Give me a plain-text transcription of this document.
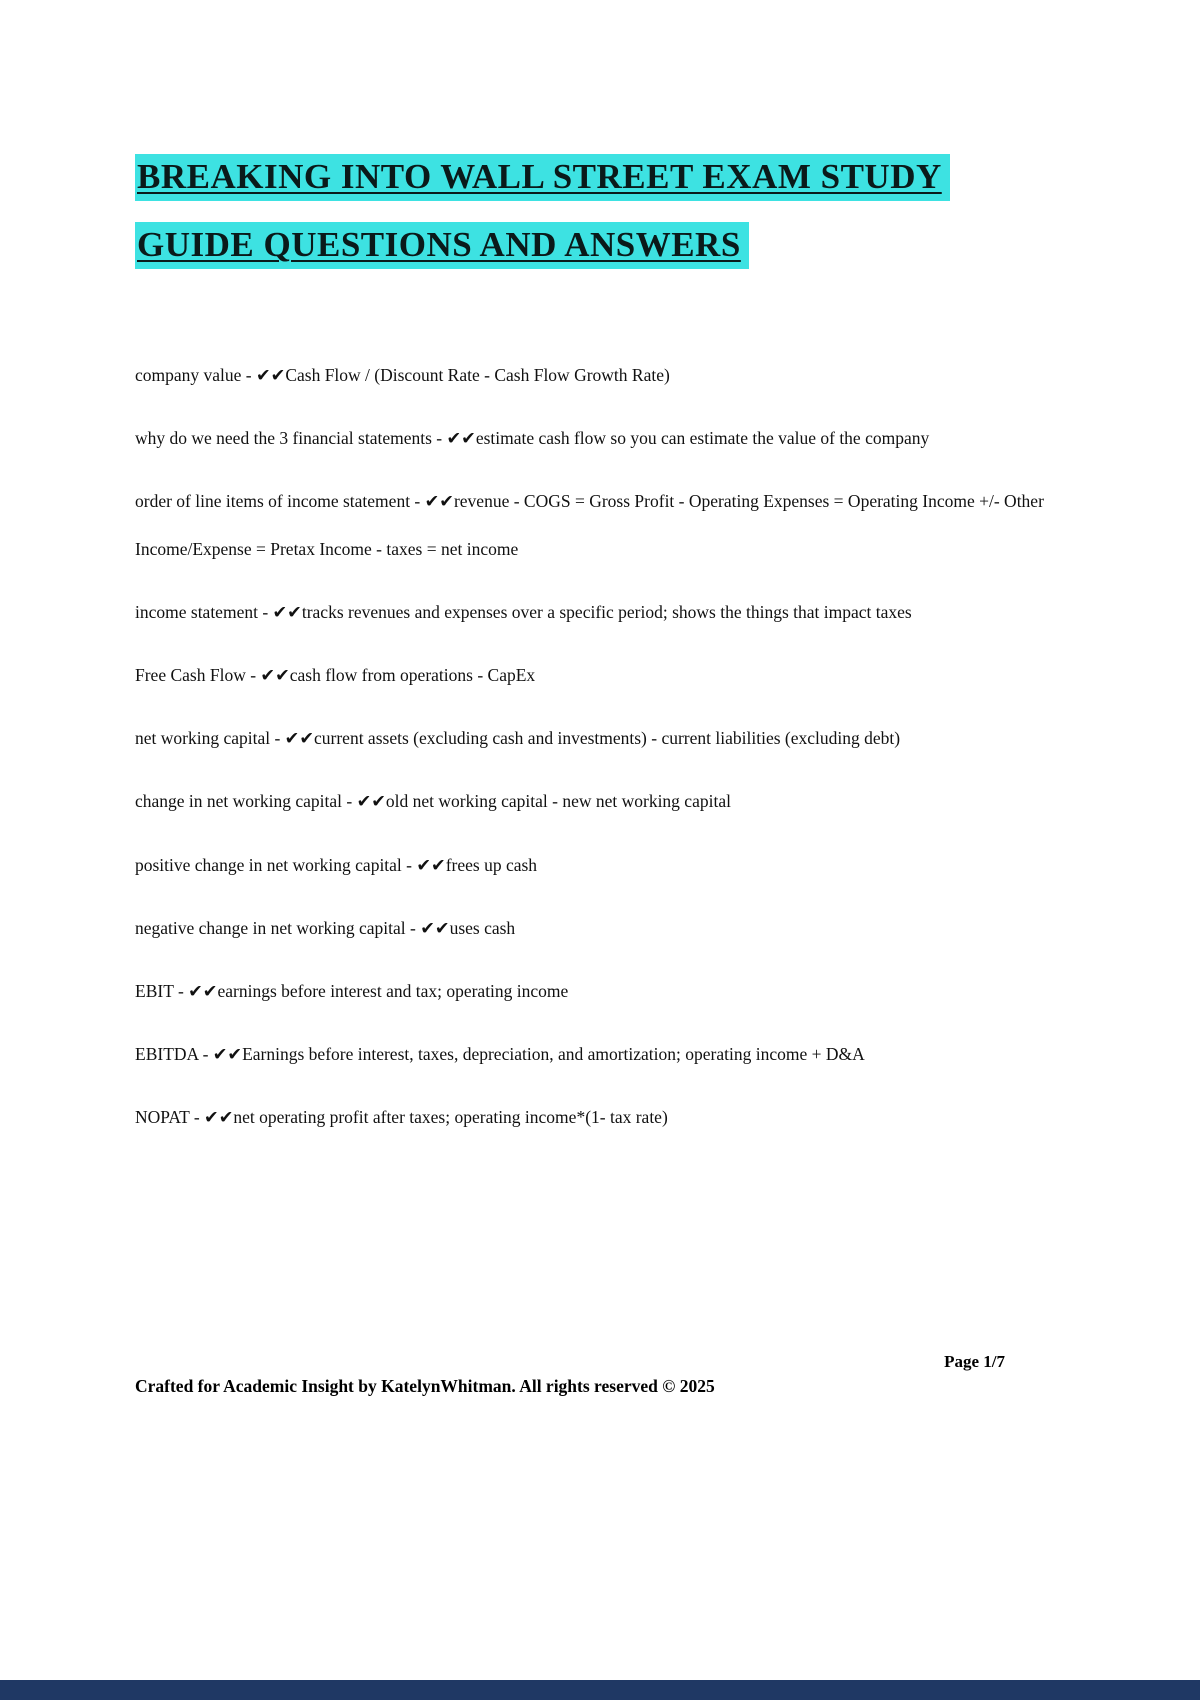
BREAKING INTO WALL STREET EXAM STUDY
GUIDE QUESTIONS AND ANSWERS

company value - ✔✔Cash Flow / (Discount Rate - Cash Flow Growth Rate)

why do we need the 3 financial statements - ✔✔estimate cash flow so you can estimate the value of the company

order of line items of income statement - ✔✔revenue - COGS = Gross Profit - Operating Expenses = Operating Income +/- Other Income/Expense = Pretax Income - taxes = net income

income statement - ✔✔tracks revenues and expenses over a specific period; shows the things that impact taxes

Free Cash Flow - ✔✔cash flow from operations - CapEx

net working capital - ✔✔current assets (excluding cash and investments) - current liabilities (excluding debt)

change in net working capital - ✔✔old net working capital - new net working capital

positive change in net working capital - ✔✔frees up cash

negative change in net working capital - ✔✔uses cash

EBIT - ✔✔earnings before interest and tax; operating income

EBITDA - ✔✔Earnings before interest, taxes, depreciation, and amortization; operating income + D&A

NOPAT - ✔✔net operating profit after taxes; operating income*(1- tax rate)

Page 1/7
Crafted for Academic Insight by KatelynWhitman. All rights reserved © 2025
